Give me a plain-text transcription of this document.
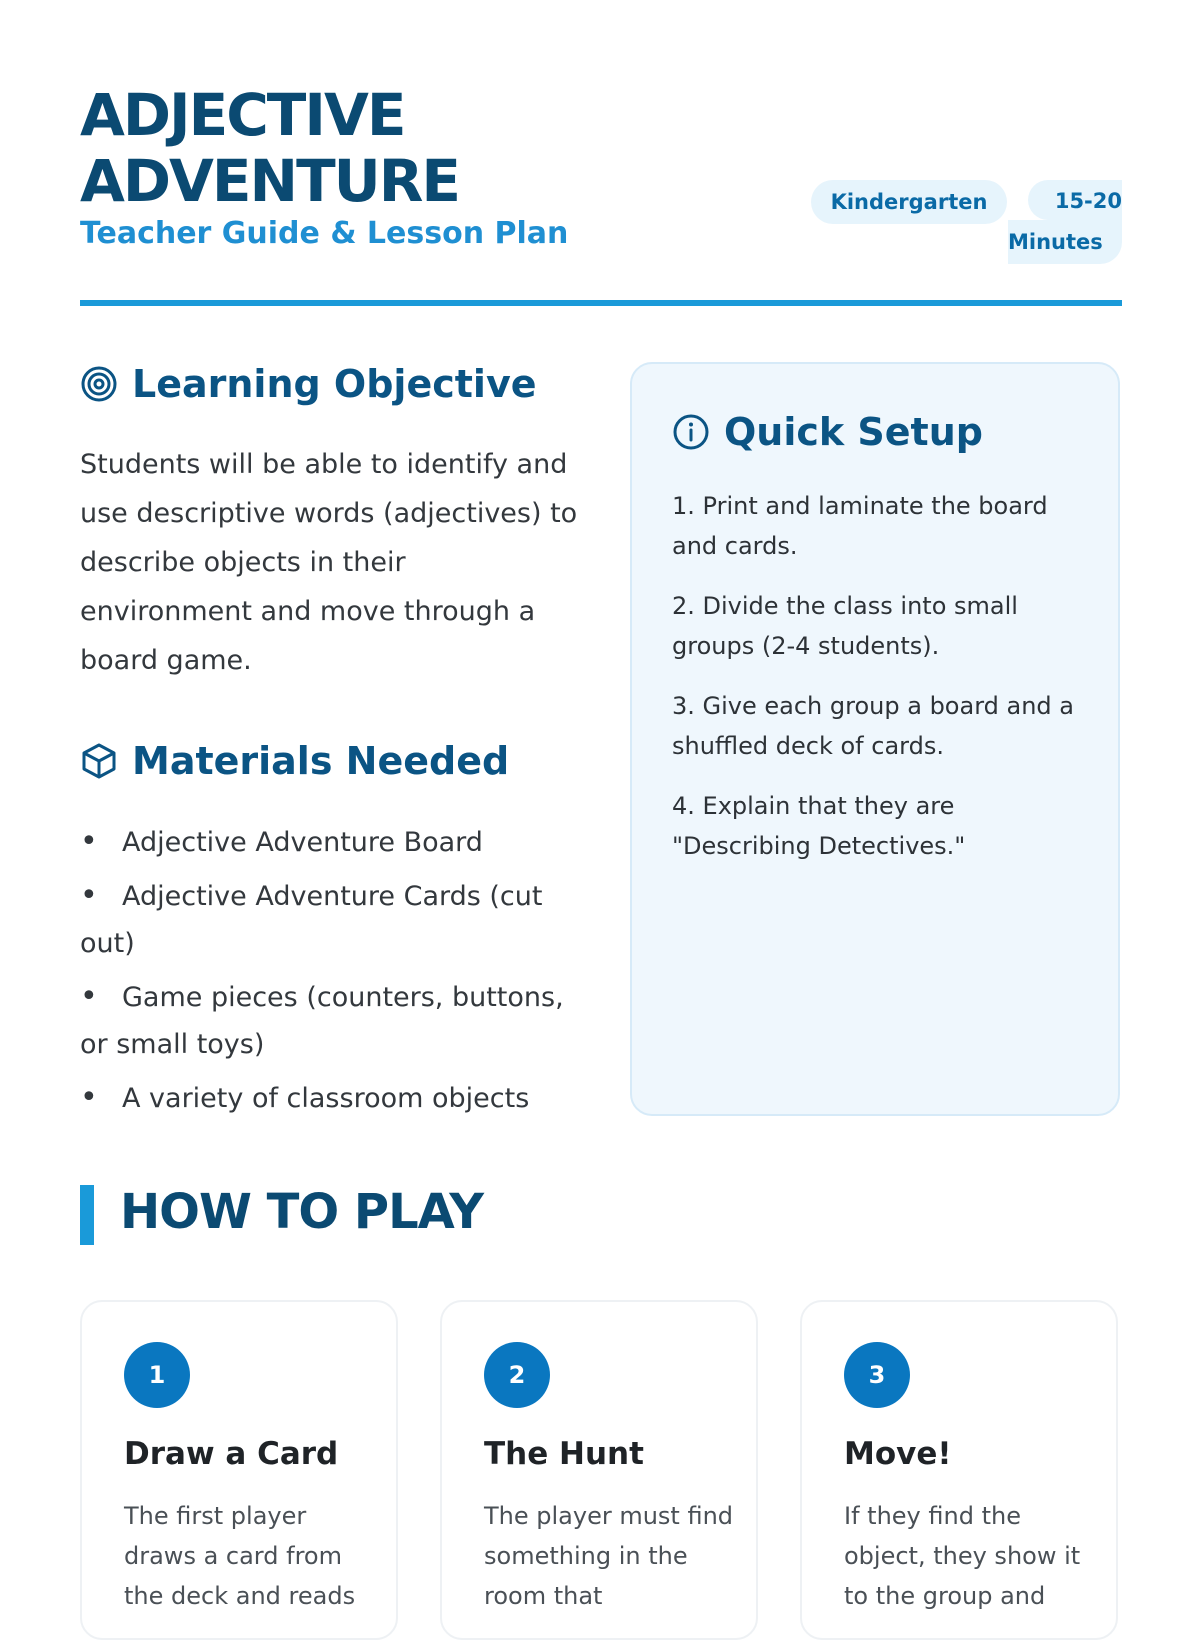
ADJECTIVE
ADVENTURE
Teacher Guide & Lesson Plan
Kindergarten	15-20
Minutes
Learning Objective
Students will be able to identify and use descriptive words (adjectives) to describe objects in their environment and move through a board game.
Materials Needed
• Adjective Adventure Board
• Adjective Adventure Cards (cut out)
• Game pieces (counters, buttons, or small toys)
• A variety of classroom objects
Quick Setup
1. Print and laminate the board and cards.
2. Divide the class into small groups (2-4 students).
3. Give each group a board and a shuffled deck of cards.
4. Explain that they are "Describing Detectives."
HOW TO PLAY
1
Draw a Card
The first player draws a card from the deck and reads
2
The Hunt
The player must find something in the room that
3
Move!
If they find the object, they show it to the group and
